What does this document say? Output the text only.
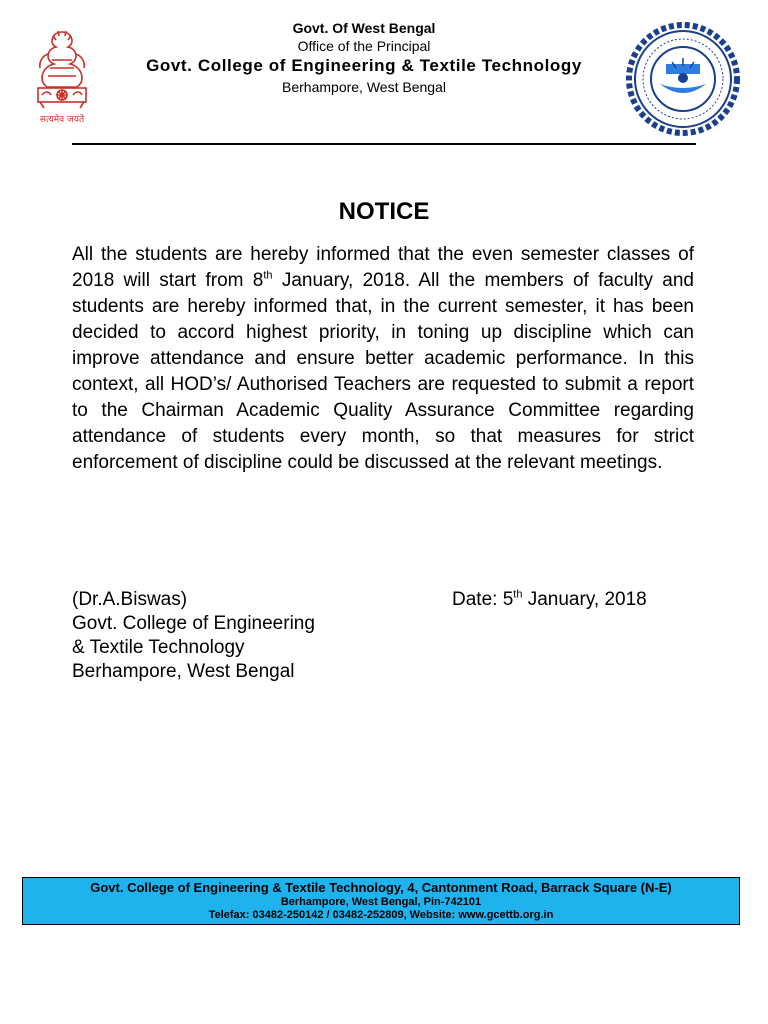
सत्यमेव जयते
Govt. Of West Bengal
Office of the Principal
Govt. College of Engineering & Textile Technology
Berhampore, West Bengal
NOTICE
All the students are hereby informed that the even semester classes of 2018 will start from 8th January, 2018. All the members of faculty and students are hereby informed that, in the current semester, it has been decided to accord highest priority, in toning up discipline which can improve attendance and ensure better academic performance. In this context, all HOD’s/ Authorised Teachers are requested to submit a report to the Chairman Academic Quality Assurance Committee regarding attendance of students every month, so that measures for strict enforcement of discipline could be discussed at the relevant meetings.
(Dr.A.Biswas)
Govt. College of Engineering
& Textile Technology
Berhampore, West Bengal
Date: 5th January, 2018
Govt. College of Engineering & Textile Technology, 4, Cantonment Road, Barrack Square (N-E)
Berhampore, West Bengal, Pin-742101
Telefax: 03482-250142 / 03482-252809, Website: www.gcettb.org.in
